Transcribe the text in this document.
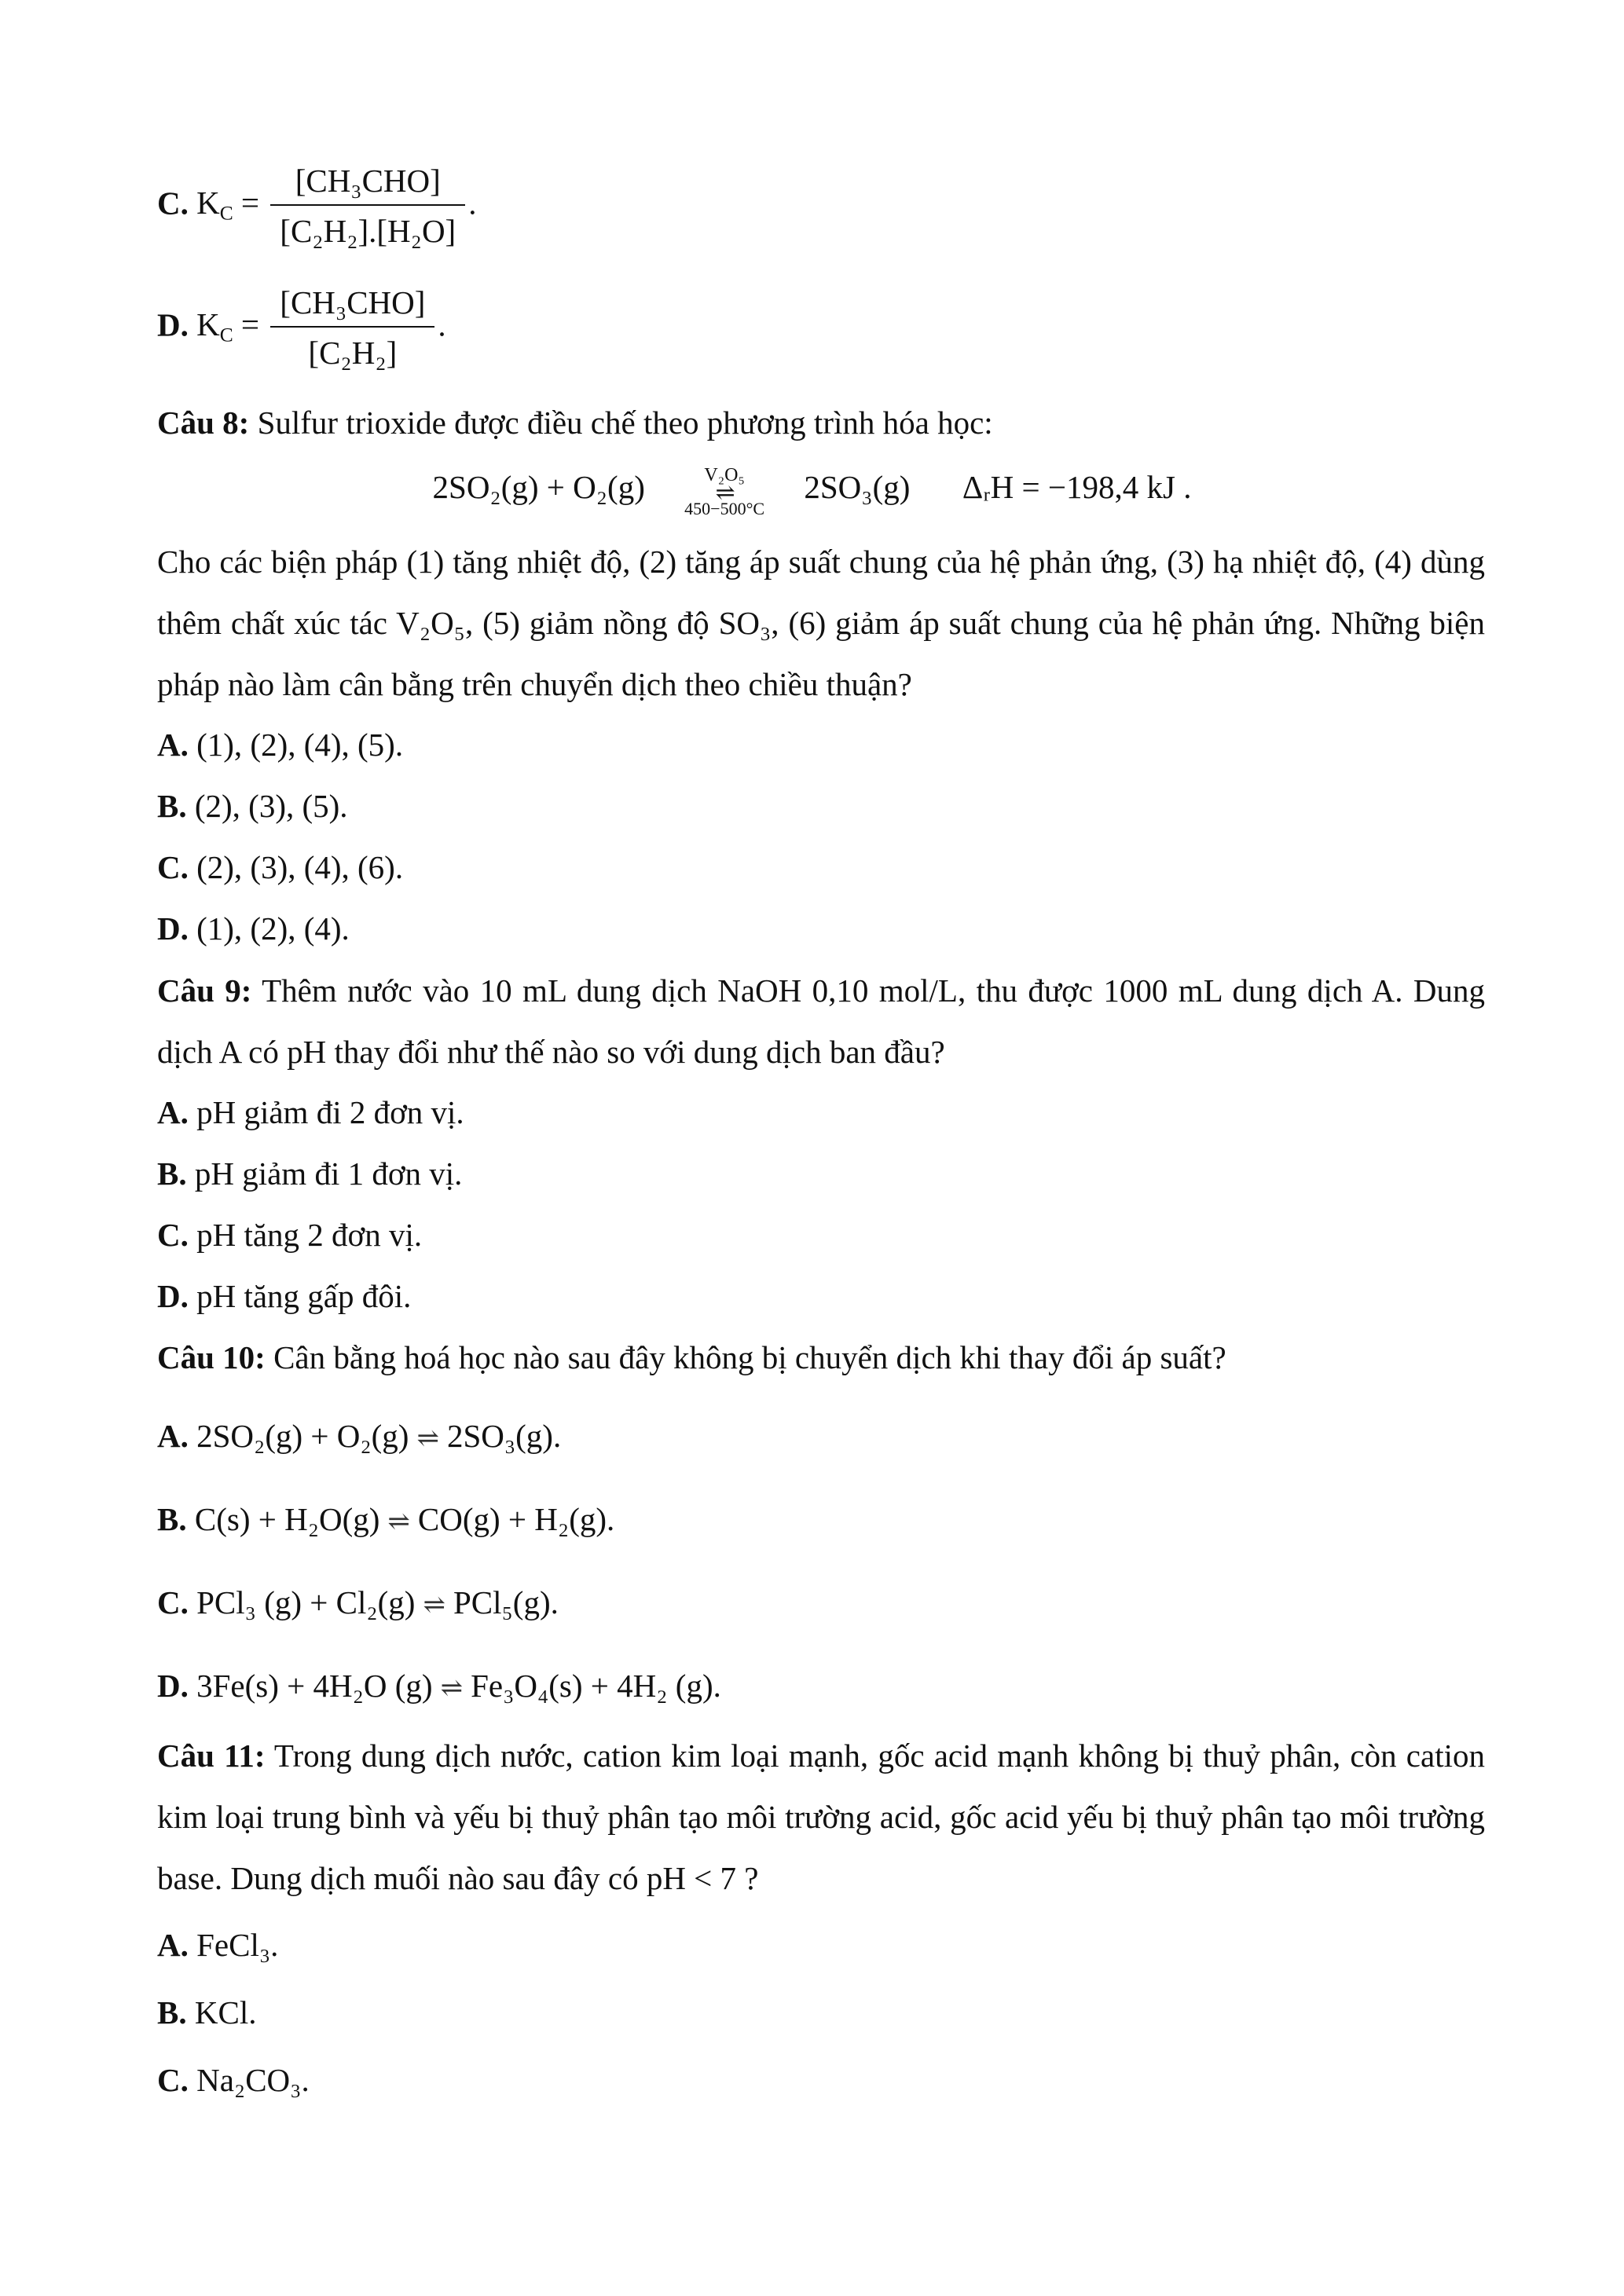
C. $K_C = \frac{\text{[CH₃CHO]}}{\text{[C₂H₂].[H₂O]}}$ .
D. $K_C = \frac{\text{[CH₃CHO]}}{\text{[C₂H₂]}}$ .
Câu 8: Sulfur trioxide được điều chế theo phương trình hóa học:
2SO₂(g) + O₂(g)	V₂O₅
⇌
450−500°C
2SO₃(g) ΔᵣH = −198,4 kJ .
Cho các biện pháp (1) tăng nhiệt độ, (2) tăng áp suất chung của hệ phản ứng, (3) hạ nhiệt độ, (4) dùng thêm chất xúc tác V₂O₅, (5) giảm nồng độ SO₃, (6) giảm áp suất chung của hệ phản ứng. Những biện pháp nào làm cân bằng trên chuyển dịch theo chiều thuận?
A. (1), (2), (4), (5).
B. (2), (3), (5).
C. (2), (3), (4), (6).
D. (1), (2), (4).
Câu 9: Thêm nước vào 10 mL dung dịch NaOH 0,10 mol/L, thu được 1000 mL dung dịch A. Dung dịch A có pH thay đổi như thế nào so với dung dịch ban đầu?
A. pH giảm đi 2 đơn vị.
B. pH giảm đi 1 đơn vị.
C. pH tăng 2 đơn vị.
D. pH tăng gấp đôi.
Câu 10: Cân bằng hoá học nào sau đây không bị chuyển dịch khi thay đổi áp suất?
A. 2SO₂(g) + O₂(g) ⇌ 2SO₃(g).
B. C(s) + H₂O(g) ⇌ CO(g) + H₂(g).
C. PCl₃ (g) + Cl₂(g) ⇌ PCl₅(g).
D. 3Fe(s) + 4H₂O (g) ⇌ Fe₃O₄(s) + 4H₂ (g).
Câu 11: Trong dung dịch nước, cation kim loại mạnh, gốc acid mạnh không bị thuỷ phân, còn cation kim loại trung bình và yếu bị thuỷ phân tạo môi trường acid, gốc acid yếu bị thuỷ phân tạo môi trường base. Dung dịch muối nào sau đây có pH < 7 ?
A. FeCl₃.
B. KCl.
C. Na₂CO₃.
